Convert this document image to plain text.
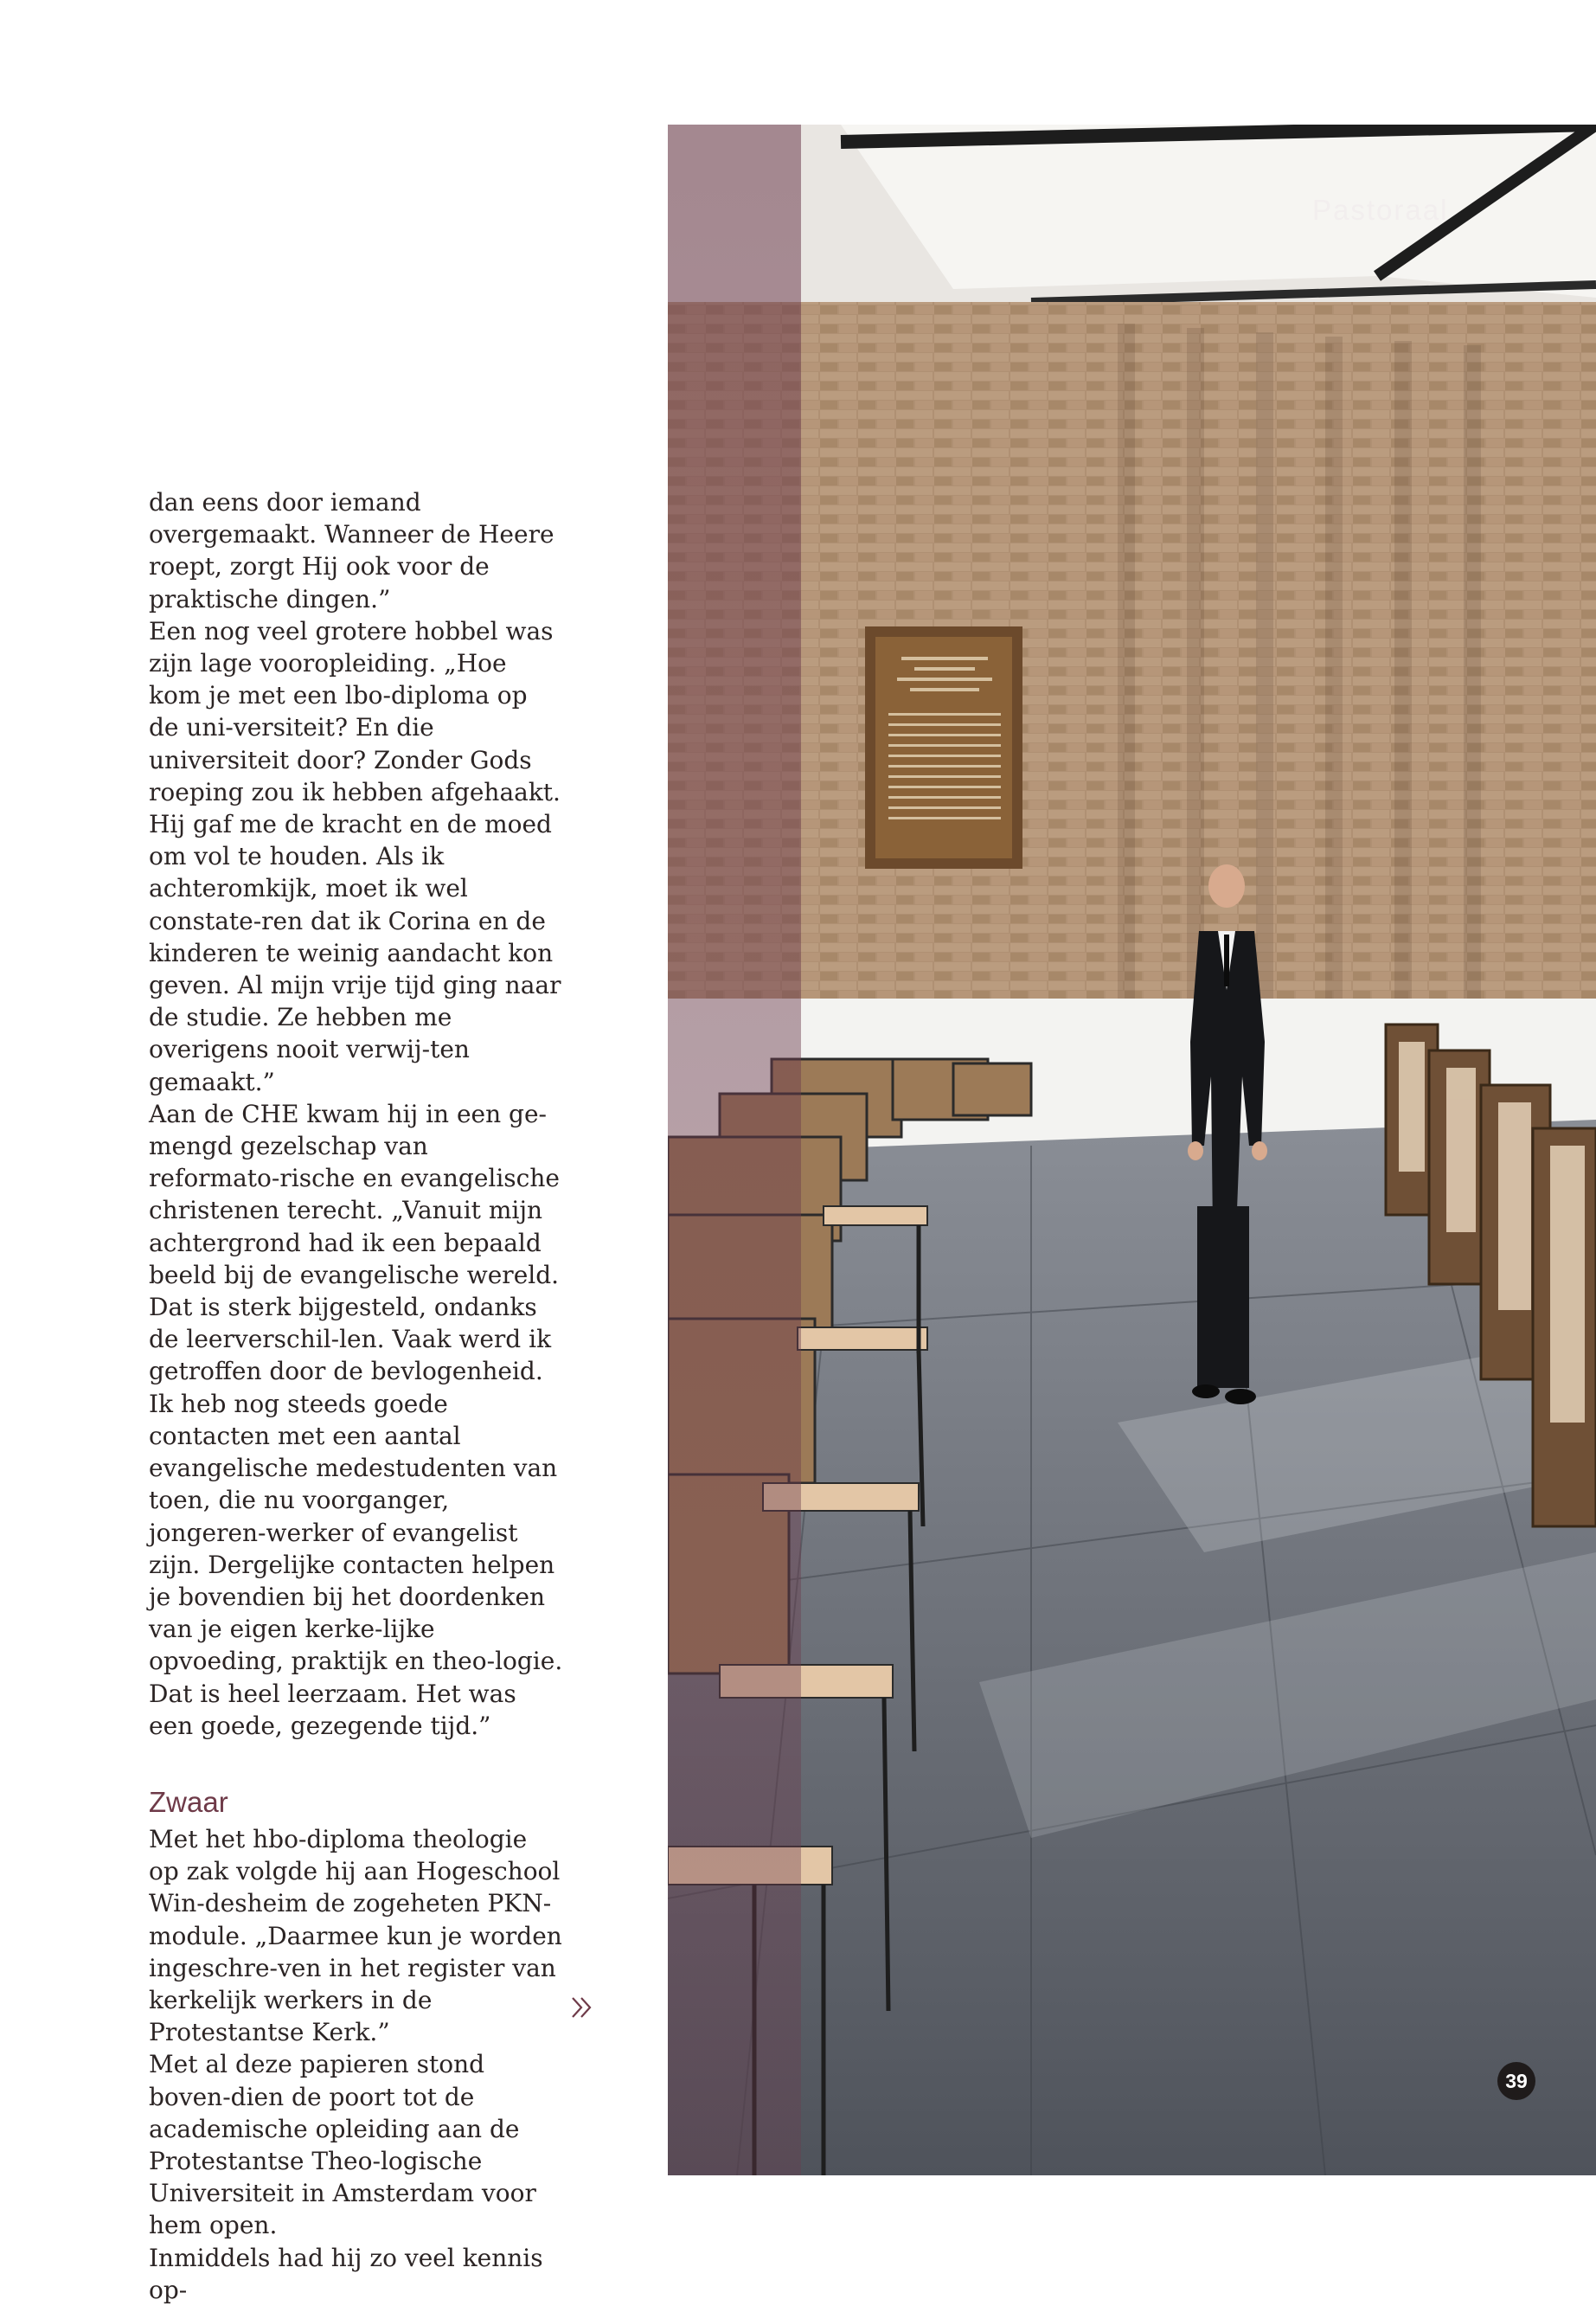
dan eens door iemand overgemaakt. Wanneer de Heere roept, zorgt Hij ook voor de praktische dingen.”

Een nog veel grotere hobbel was zijn lage vooropleiding. „Hoe kom je met een lbo-diploma op de uni-versiteit? En die universiteit door? Zonder Gods roeping zou ik hebben afgehaakt. Hij gaf me de kracht en de moed om vol te houden. Als ik achteromkijk, moet ik wel constate-ren dat ik Corina en de kinderen te weinig aandacht kon geven. Al mijn vrije tijd ging naar de studie. Ze hebben me overigens nooit verwij-ten gemaakt.”

Aan de CHE kwam hij in een ge-mengd gezelschap van reformato-rische en evangelische christenen terecht. „Vanuit mijn achtergrond had ik een bepaald beeld bij de evangelische wereld. Dat is sterk bijgesteld, ondanks de leerverschil-len. Vaak werd ik getroffen door de bevlogenheid. Ik heb nog steeds goede contacten met een aantal evangelische medestudenten van toen, die nu voorganger, jongeren-werker of evangelist zijn. Dergelijke contacten helpen je bovendien bij het doordenken van je eigen kerke-lijke opvoeding, praktijk en theo-logie. Dat is heel leerzaam. Het was een goede, gezegende tijd.”

Zwaar

Met het hbo-diploma theologie op zak volgde hij aan Hogeschool Win-desheim de zogeheten PKN-module. „Daarmee kun je worden ingeschre-ven in het register van kerkelijk werkers in de Protestantse Kerk.”

Met al deze papieren stond boven-dien de poort tot de academische opleiding aan de Protestantse Theo-logische Universiteit in Amsterdam voor hem open.

Inmiddels had hij zo veel kennis op-

Pastoraal
39
